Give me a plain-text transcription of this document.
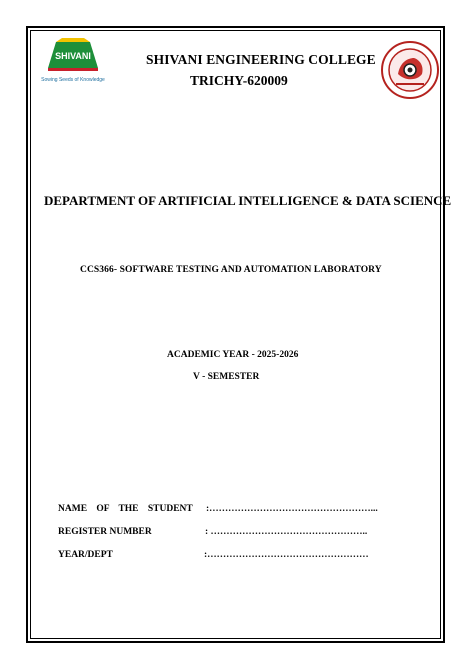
SHIVANI
Sowing Seeds of Knowledge
SHIVANI ENGINEERING COLLEGE
TRICHY-620009
DEPARTMENT OF ARTIFICIAL INTELLIGENCE & DATA SCIENCE
CCS366- SOFTWARE TESTING AND AUTOMATION LABORATORY
ACADEMIC YEAR - 2025-2026
V - SEMESTER
NAME OF THE STUDENT :……………………………………………...
REGISTER NUMBER	: …………………………………………..
YEAR/DEPT	:……………………………………………
